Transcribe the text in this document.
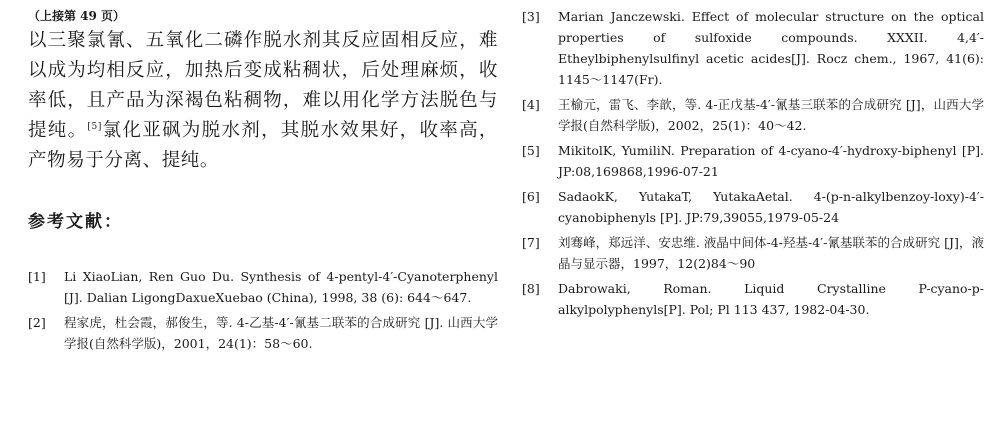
（上接第 49 页）

以三聚氯氰、五氧化二磷作脱水剂其反应固相反应，难以成为均相反应，加热后变成粘稠状，后处理麻烦，收率低，且产品为深褐色粘稠物，难以用化学方法脱色与提纯。[5]氯化亚砜为脱水剂，其脱水效果好，收率高，产物易于分离、提纯。

参考文献：
[1]	Li XiaoLian, Ren Guo Du. Synthesis of 4-pentyl-4′-Cyanoterphenyl [J]. Dalian LigongDaxueXuebao (China), 1998, 38 (6): 644～647.
[2]	程家虎，杜会霞，郝俊生，等. 4-乙基-4′-氰基二联苯的合成研究 [J]. 山西大学学报(自然科学版)，2001，24(1)：58～60.
[3]	Marian Janczewski. Effect of molecular structure on the optical properties of sulfoxide compounds. XXXII. 4,4′-Etheylbiphenylsulfinyl acetic acides[J]. Rocz chem., 1967, 41(6): 1145～1147(Fr).
[4]	王榆元，雷飞、李歆，等. 4-正戊基-4′-氰基三联苯的合成研究 [J]，山西大学学报(自然科学版)，2002，25(1)：40～42.
[5]	MikitolK, YumiliN. Preparation of 4-cyano-4′-hydroxy-biphenyl [P]. JP:08,169868,1996-07-21
[6]	SadaokK, YutakaT, YutakaAetal. 4-(p-n-alkylbenzoy-loxy)-4′-cyanobiphenyls [P]. JP:79,39055,1979-05-24
[7]	刘骞峰，郑远洋、安忠维. 液晶中间体-4-羟基-4′-氰基联苯的合成研究 [J]，液晶与显示器，1997，12(2)84～90
[8]	Dabrowaki, Roman. Liquid Crystalline P-cyano-p-alkylpolyphenyls[P]. Pol; Pl 113 437, 1982-04-30.
